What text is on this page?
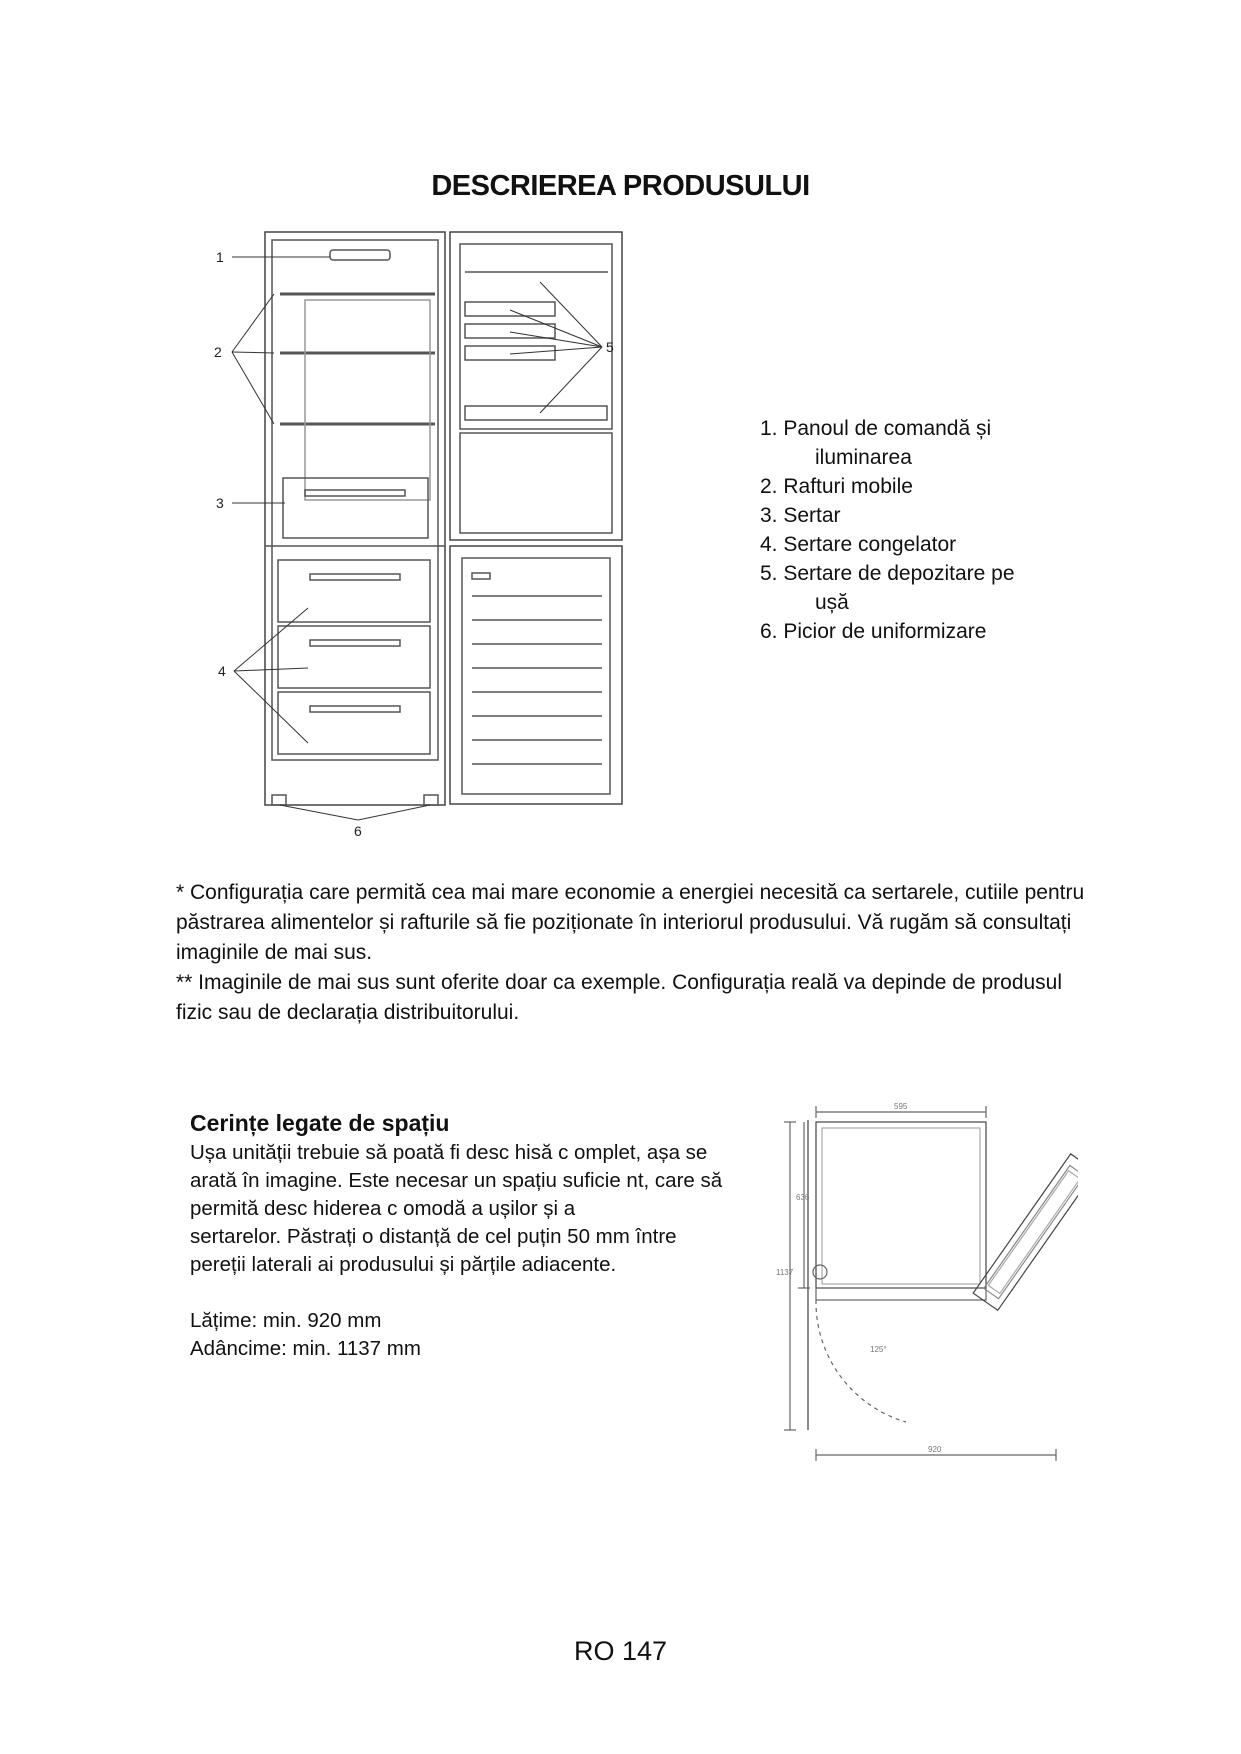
DESCRIEREA PRODUSULUI
1
2
3
4
5
6
1. Panoul de comandă și
iluminarea
2. Rafturi mobile
3. Sertar
4. Sertare congelator
5. Sertare de depozitare pe
ușă
6. Picior de uniformizare

* Configurația care permită cea mai mare economie a energiei necesită ca sertarele, cutiile pentru păstrarea alimentelor și rafturile să fie poziționate în interiorul produsului. Vă rugăm să consultați imaginile de mai sus.

** Imaginile de mai sus sunt oferite doar ca exemple. Configurația reală va depinde de produsul fizic sau de declarația distribuitorului.

Cerințe legate de spațiu

Ușa unității trebuie să poată fi desc hisă c omplet, așa se

arată în imagine. Este necesar un spațiu suficie nt, care să

permită desc hiderea c omodă a ușilor și a

sertarelor. Păstrați o distanță de cel puțin 50 mm între

pereții laterali ai produsului și părțile adiacente.

Lățime: min. 920 mm
Adâncime: min. 1137 mm
595
636
1137
125°
920
RO 147
